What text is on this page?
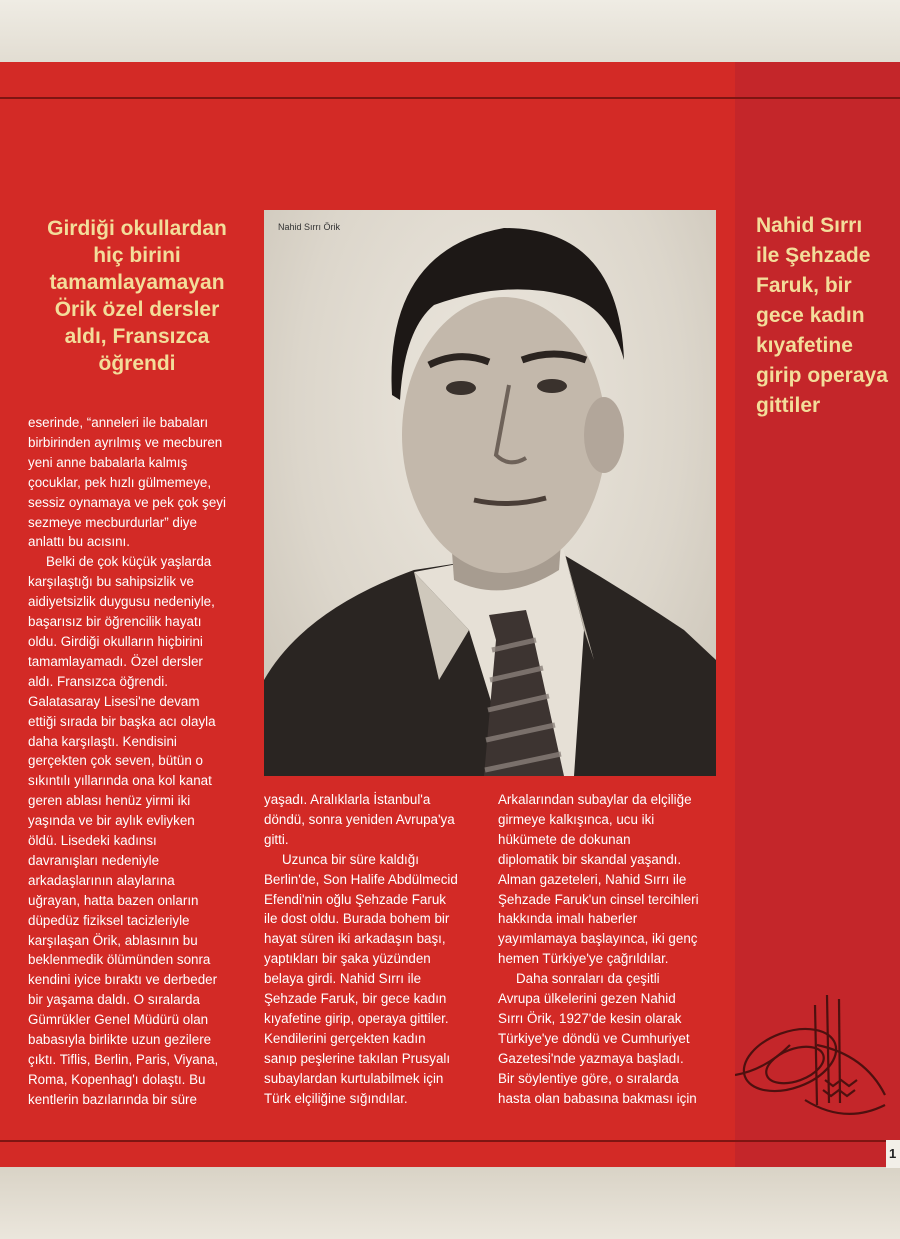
1
Girdiği okullardan
hiç birini
tamamlayamayan
Örik özel dersler
aldı, Fransızca
öğrendi
Nahid Sırrı
ile Şehzade
Faruk, bir
gece kadın
kıyafetine
girip operaya
gittiler
Nahid Sırrı Örik

eserinde, “anneleri ile babaları
birbirinden ayrılmış ve mecburen
yeni anne babalarla kalmış
çocuklar, pek hızlı gülmemeye,
sessiz oynamaya ve pek çok şeyi
sezmeye mecburdurlar” diye
anlattı bu acısını.

Belki de çok küçük yaşlarda
karşılaştığı bu sahipsizlik ve
aidiyetsizlik duygusu nedeniyle,
başarısız bir öğrencilik hayatı
oldu. Girdiği okulların hiçbirini
tamamlayamadı. Özel dersler
aldı. Fransızca öğrendi.
Galatasaray Lisesi'ne devam
ettiği sırada bir başka acı olayla
daha karşılaştı. Kendisini
gerçekten çok seven, bütün o
sıkıntılı yıllarında ona kol kanat
geren ablası henüz yirmi iki
yaşında ve bir aylık evliyken
öldü. Lisedeki kadınsı
davranışları nedeniyle
arkadaşlarının alaylarına
uğrayan, hatta bazen onların
düpedüz fiziksel tacizleriyle
karşılaşan Örik, ablasının bu
beklenmedik ölümünden sonra
kendini iyice bıraktı ve derbeder
bir yaşama daldı. O sıralarda
Gümrükler Genel Müdürü olan
babasıyla birlikte uzun gezilere
çıktı. Tiflis, Berlin, Paris, Viyana,
Roma, Kopenhag'ı dolaştı. Bu
kentlerin bazılarında bir süre

yaşadı. Aralıklarla İstanbul'a
döndü, sonra yeniden Avrupa'ya
gitti.

Uzunca bir süre kaldığı
Berlin'de, Son Halife Abdülmecid
Efendi'nin oğlu Şehzade Faruk
ile dost oldu. Burada bohem bir
hayat süren iki arkadaşın başı,
yaptıkları bir şaka yüzünden
belaya girdi. Nahid Sırrı ile
Şehzade Faruk, bir gece kadın
kıyafetine girip, operaya gittiler.
Kendilerini gerçekten kadın
sanıp peşlerine takılan Prusyalı
subaylardan kurtulabilmek için
Türk elçiliğine sığındılar.

Arkalarından subaylar da elçiliğe
girmeye kalkışınca, ucu iki
hükümete de dokunan
diplomatik bir skandal yaşandı.
Alman gazeteleri, Nahid Sırrı ile
Şehzade Faruk'un cinsel tercihleri
hakkında imalı haberler
yayımlamaya başlayınca, iki genç
hemen Türkiye'ye çağrıldılar.

Daha sonraları da çeşitli
Avrupa ülkelerini gezen Nahid
Sırrı Örik, 1927'de kesin olarak
Türkiye'ye döndü ve Cumhuriyet
Gazetesi'nde yazmaya başladı.
Bir söylentiye göre, o sıralarda
hasta olan babasına bakması için
